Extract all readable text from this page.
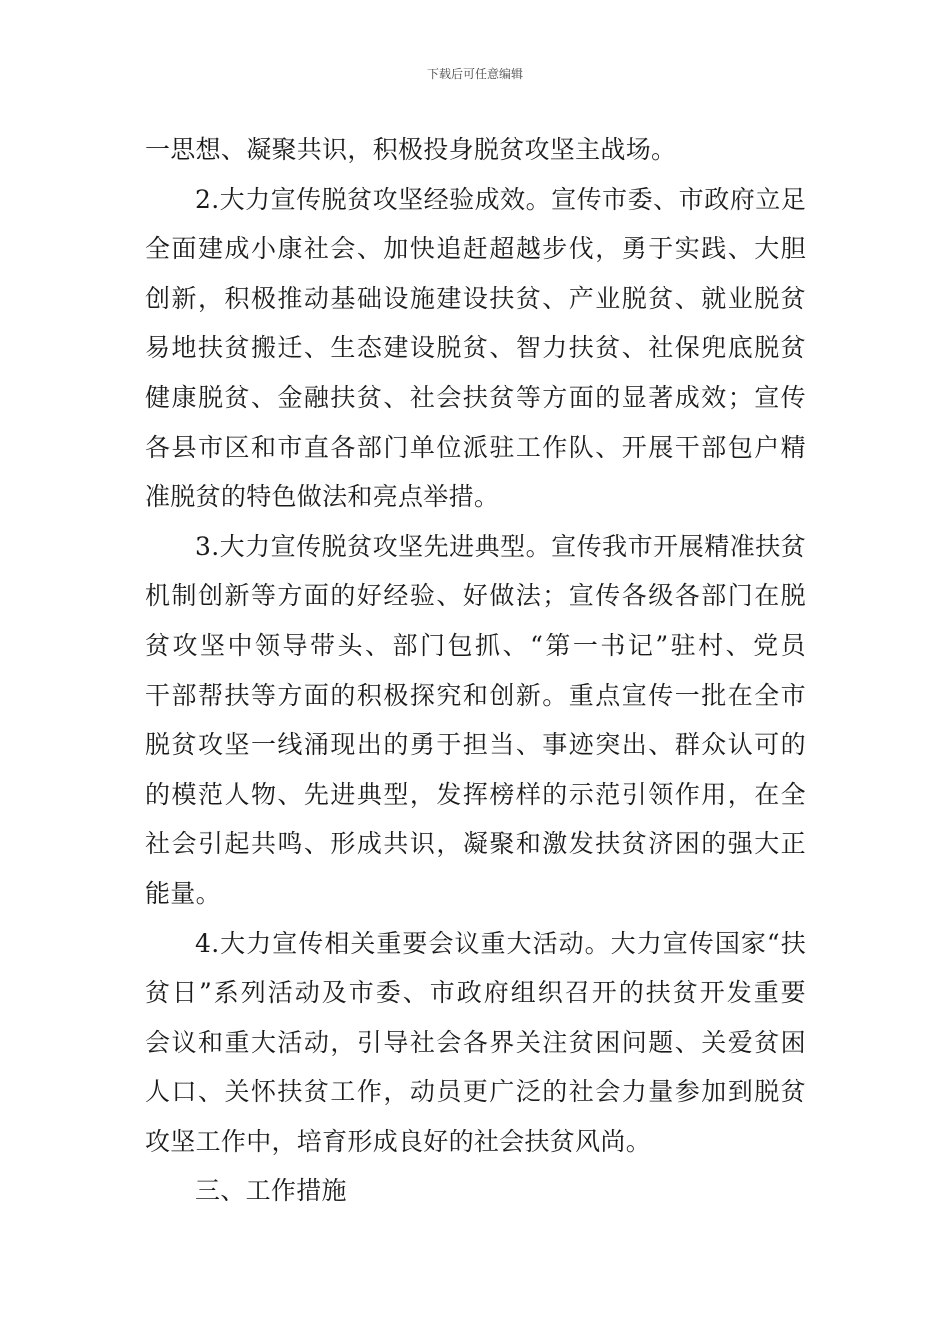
下载后可任意编辑
一思想、凝聚共识，积极投身脱贫攻坚主战场。
2.大力宣传脱贫攻坚经验成效。宣传市委、市政府立足
全面建成小康社会、加快追赶超越步伐，勇于实践、大胆
创新，积极推动基础设施建设扶贫、产业脱贫、就业脱贫
易地扶贫搬迁、生态建设脱贫、智力扶贫、社保兜底脱贫
健康脱贫、金融扶贫、社会扶贫等方面的显著成效；宣传
各县市区和市直各部门单位派驻工作队、开展干部包户精
准脱贫的特色做法和亮点举措。
3.大力宣传脱贫攻坚先进典型。宣传我市开展精准扶贫
机制创新等方面的好经验、好做法；宣传各级各部门在脱
贫攻坚中领导带头、部门包抓、“第一书记”驻村、党员
干部帮扶等方面的积极探究和创新。重点宣传一批在全市
脱贫攻坚一线涌现出的勇于担当、事迹突出、群众认可的
的模范人物、先进典型，发挥榜样的示范引领作用，在全
社会引起共鸣、形成共识，凝聚和激发扶贫济困的强大正
能量。
4.大力宣传相关重要会议重大活动。大力宣传国家“扶
贫日”系列活动及市委、市政府组织召开的扶贫开发重要
会议和重大活动，引导社会各界关注贫困问题、关爱贫困
人口、关怀扶贫工作，动员更广泛的社会力量参加到脱贫
攻坚工作中，培育形成良好的社会扶贫风尚。
三、工作措施
